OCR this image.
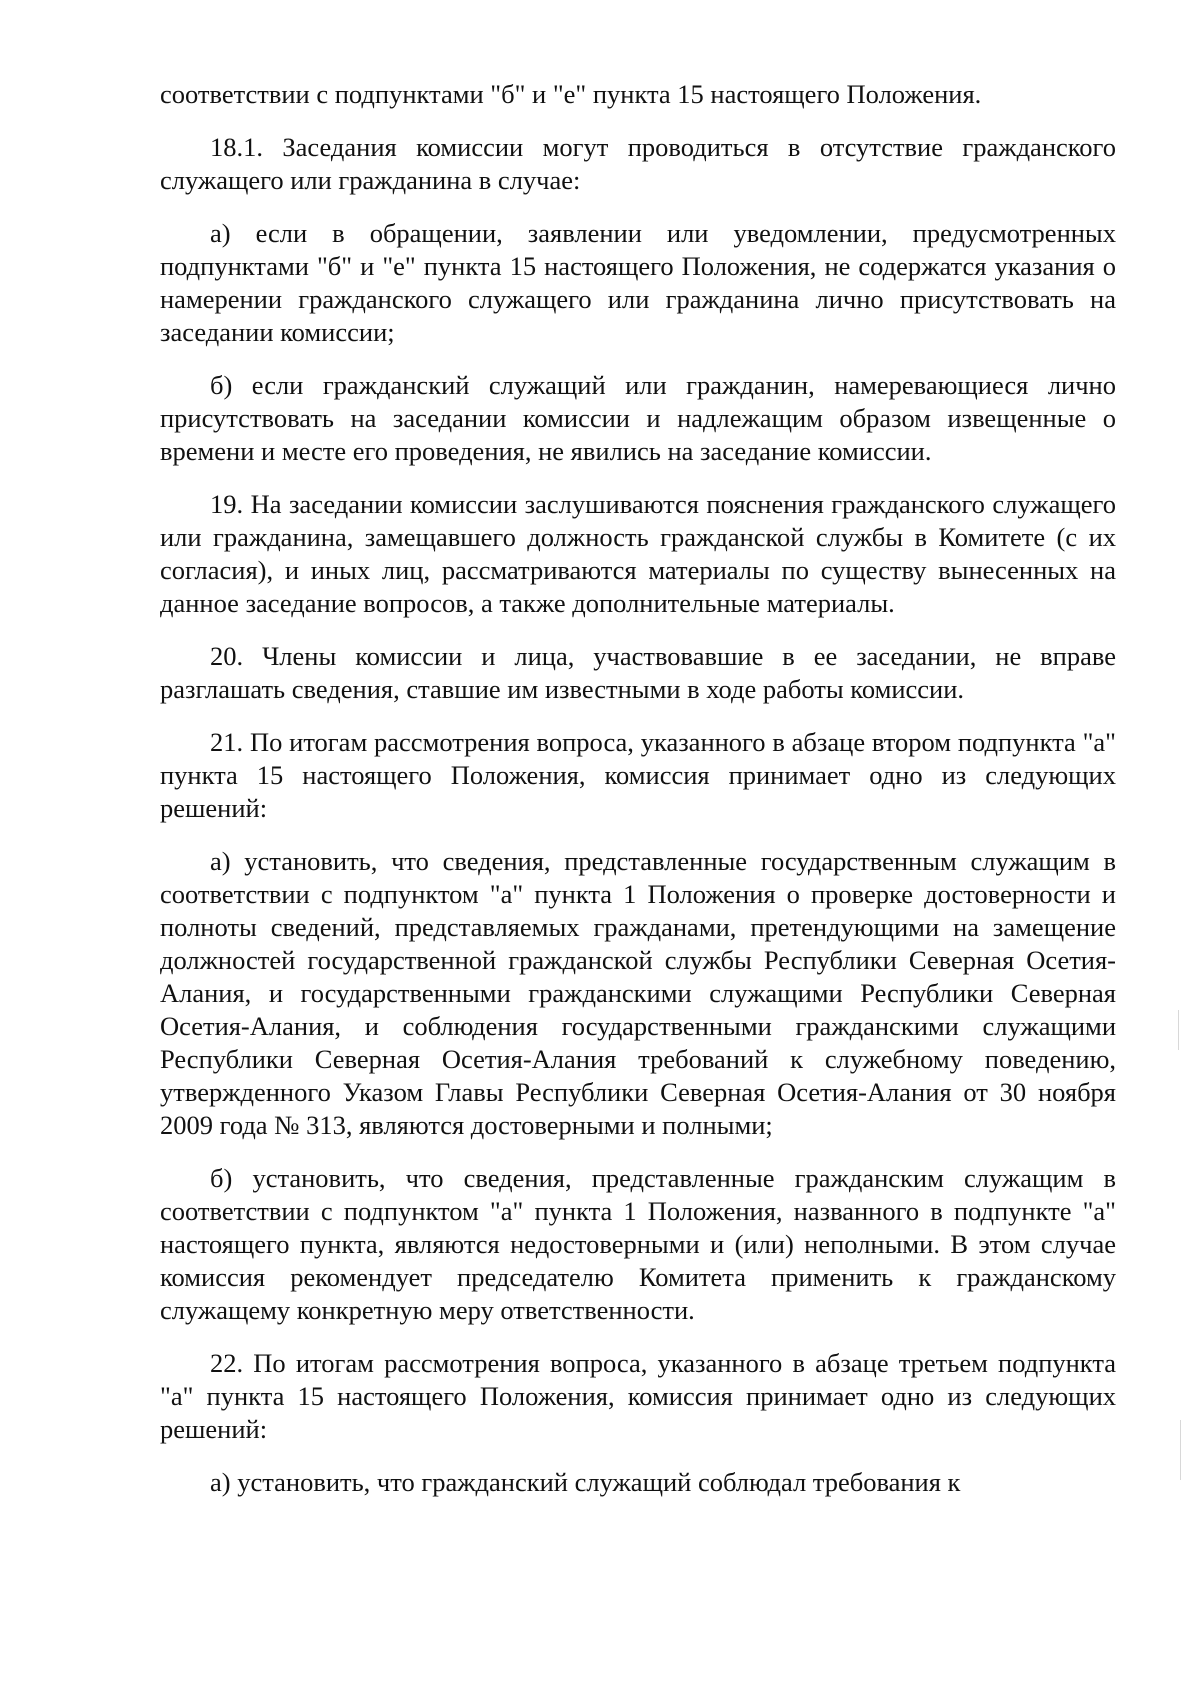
соответствии с подпунктами "б" и "е" пункта 15 настоящего Положения.

18.1. Заседания комиссии могут проводиться в отсутствие гражданского служащего или гражданина в случае:

а) если в обращении, заявлении или уведомлении, предусмотренных подпунктами "б" и "е" пункта 15 настоящего Положения, не содержатся указания о намерении гражданского служащего или гражданина лично присутствовать на заседании комиссии;

б) если гражданский служащий или гражданин, намеревающиеся лично присутствовать на заседании комиссии и надлежащим образом извещенные о времени и месте его проведения, не явились на заседание комиссии.

19. На заседании комиссии заслушиваются пояснения гражданского служащего или гражданина, замещавшего должность гражданской службы в Комитете (с их согласия), и иных лиц, рассматриваются материалы по существу вынесенных на данное заседание вопросов, а также дополнительные материалы.

20. Члены комиссии и лица, участвовавшие в ее заседании, не вправе разглашать сведения, ставшие им известными в ходе работы комиссии.

21. По итогам рассмотрения вопроса, указанного в абзаце втором подпункта "а" пункта 15 настоящего Положения, комиссия принимает одно из следующих решений:

а) установить, что сведения, представленные государственным служащим в соответствии с подпунктом "а" пункта 1 Положения о проверке достоверности и полноты сведений, представляемых гражданами, претендующими на замещение должностей государственной гражданской службы Республики Северная Осетия-Алания, и государственными гражданскими служащими Республики Северная Осетия-Алания, и соблюдения государственными гражданскими служащими Республики Северная Осетия-Алания требований к служебному поведению, утвержденного Указом Главы Республики Северная Осетия-Алания от 30 ноября 2009 года № 313, являются достоверными и полными;

б) установить, что сведения, представленные гражданским служащим в соответствии с подпунктом "а" пункта 1 Положения, названного в подпункте "а" настоящего пункта, являются недостоверными и (или) неполными. В этом случае комиссия рекомендует председателю Комитета применить к гражданскому служащему конкретную меру ответственности.

22. По итогам рассмотрения вопроса, указанного в абзаце третьем подпункта "а" пункта 15 настоящего Положения, комиссия принимает одно из следующих решений:

а) установить, что гражданский служащий соблюдал требования к
